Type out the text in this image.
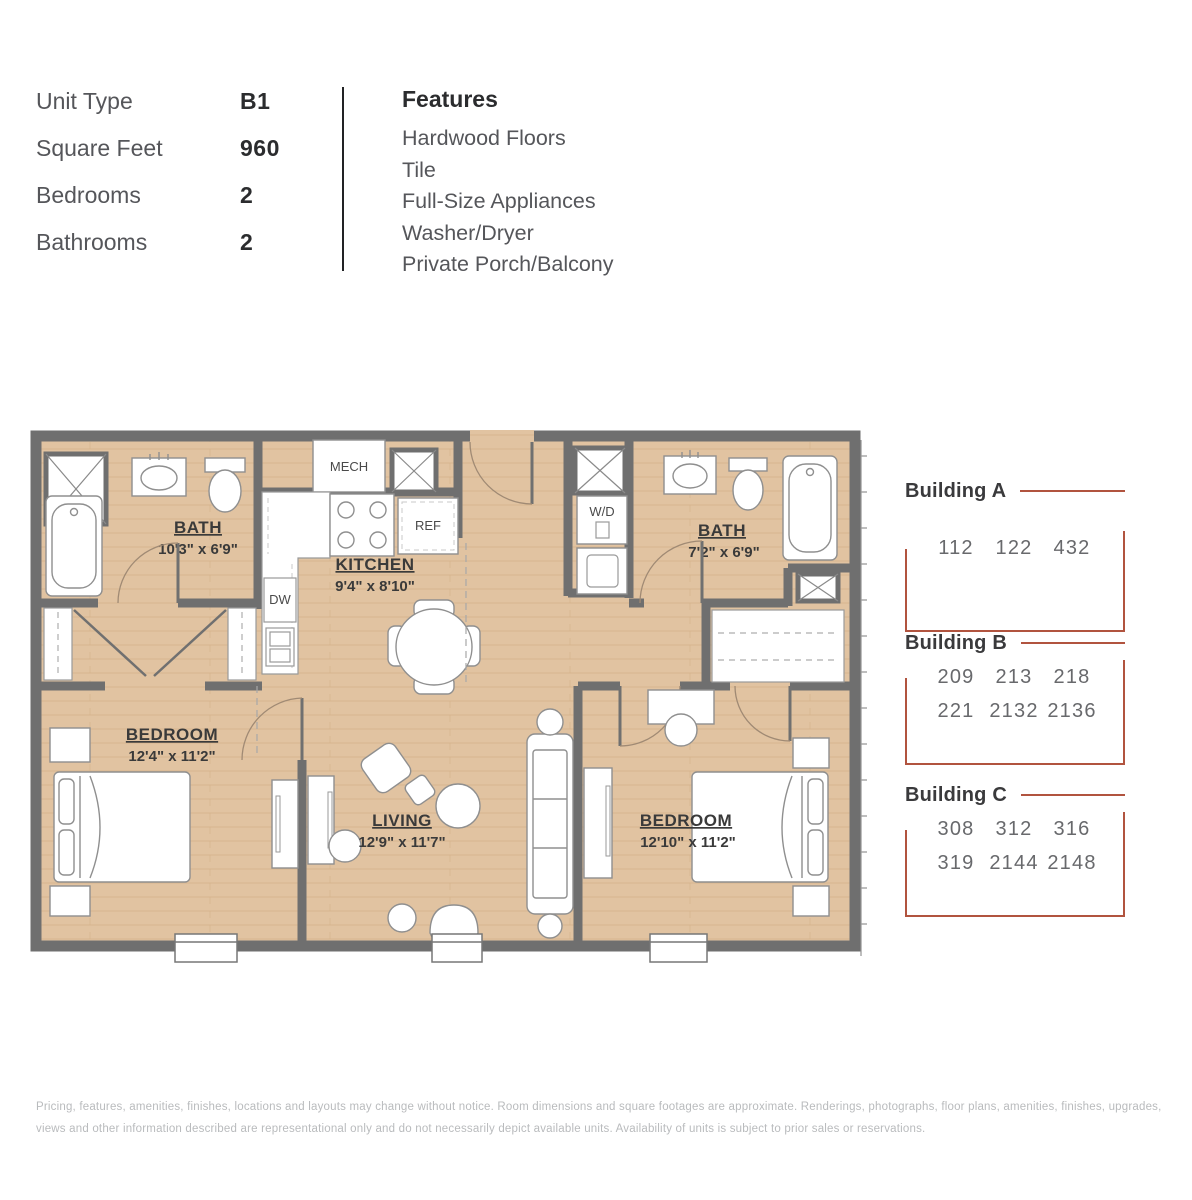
Unit Type	B1
Square Feet	960
Bedrooms	2
Bathrooms	2
Features
Hardwood Floors
Tile
Full-Size Appliances
Washer/Dryer
Private Porch/Balcony
MECH
BATH
10'3" x 6'9"
REF
DW
KITCHEN
9'4" x 8'10"
W/D
BATH
7'2" x 6'9"
BEDROOM
12'4" x 11'2"
LIVING
12'9" x 11'7"
BEDROOM
12'10" x 11'2"
Building A
112	122	432
Building B
209	213	218
221 2132 2136
Building C
308	312	316
319 2144 2148
Pricing, features, amenities, finishes, locations and layouts may change without notice. Room dimensions and square footages are approximate. Renderings, photographs, floor plans, amenities, finishes, upgrades, views and other information described are representational only and do not necessarily depict available units. Availability of units is subject to prior sales or reservations.
